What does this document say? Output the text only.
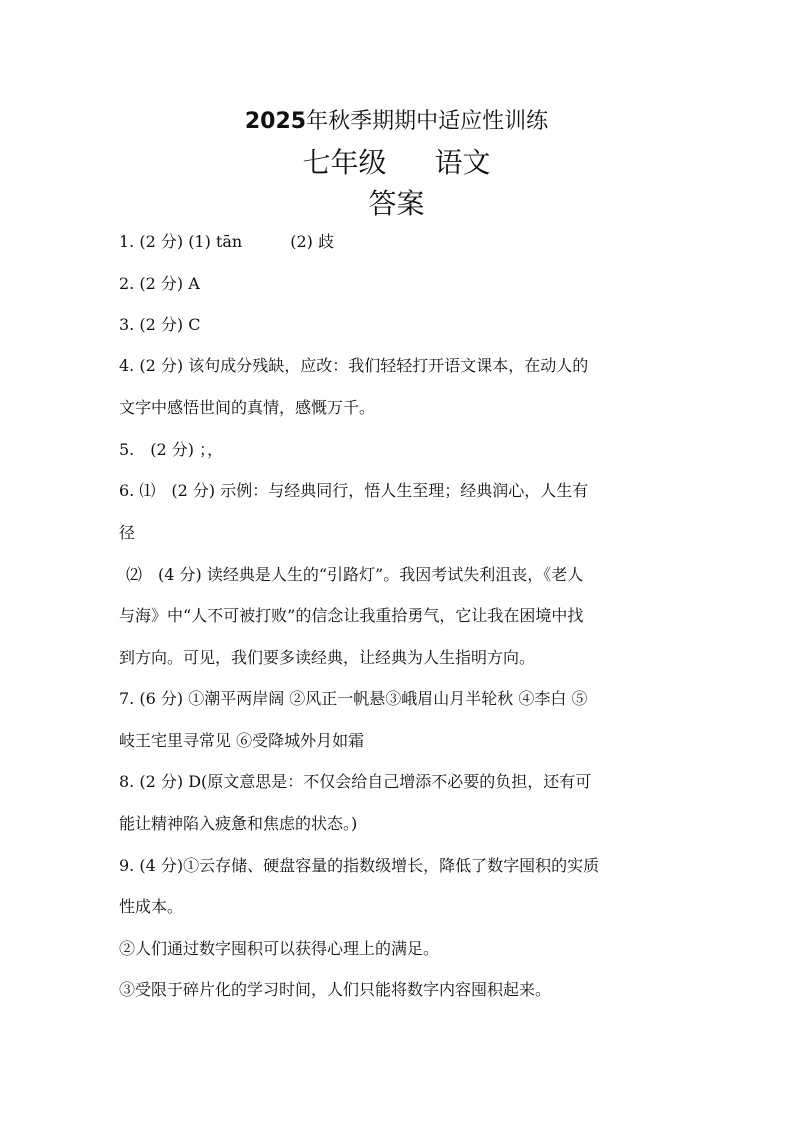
2025年秋季期期中适应性训练
七年级 语文
答案
1. (2 分) (1) tān　　　(2) 歧
2. (2 分) A
3. (2 分) C
4. (2 分) 该句成分残缺，应改：我们轻轻打开语文课本，在动人的
文字中感悟世间的真情，感慨万千。
5.　(2 分) ；，
6. ⑴　(2 分) 示例：与经典同行，悟人生至理；经典润心，人生有
径
⑵　(4 分) 读经典是人生的“引路灯”。我因考试失利沮丧，《老人
与海》中“人不可被打败”的信念让我重拾勇气，它让我在困境中找
到方向。可见，我们要多读经典，让经典为人生指明方向。
7. (6 分) ①潮平两岸阔 ②风正一帆悬③峨眉山月半轮秋 ④李白 ⑤
岐王宅里寻常见 ⑥受降城外月如霜
8. (2 分) D(原文意思是：不仅会给自己增添不必要的负担，还有可
能让精神陷入疲惫和焦虑的状态。)
9. (4 分)①云存储、硬盘容量的指数级增长，降低了数字囤积的实质
性成本。
②人们通过数字囤积可以获得心理上的满足。
③受限于碎片化的学习时间，人们只能将数字内容囤积起来。
